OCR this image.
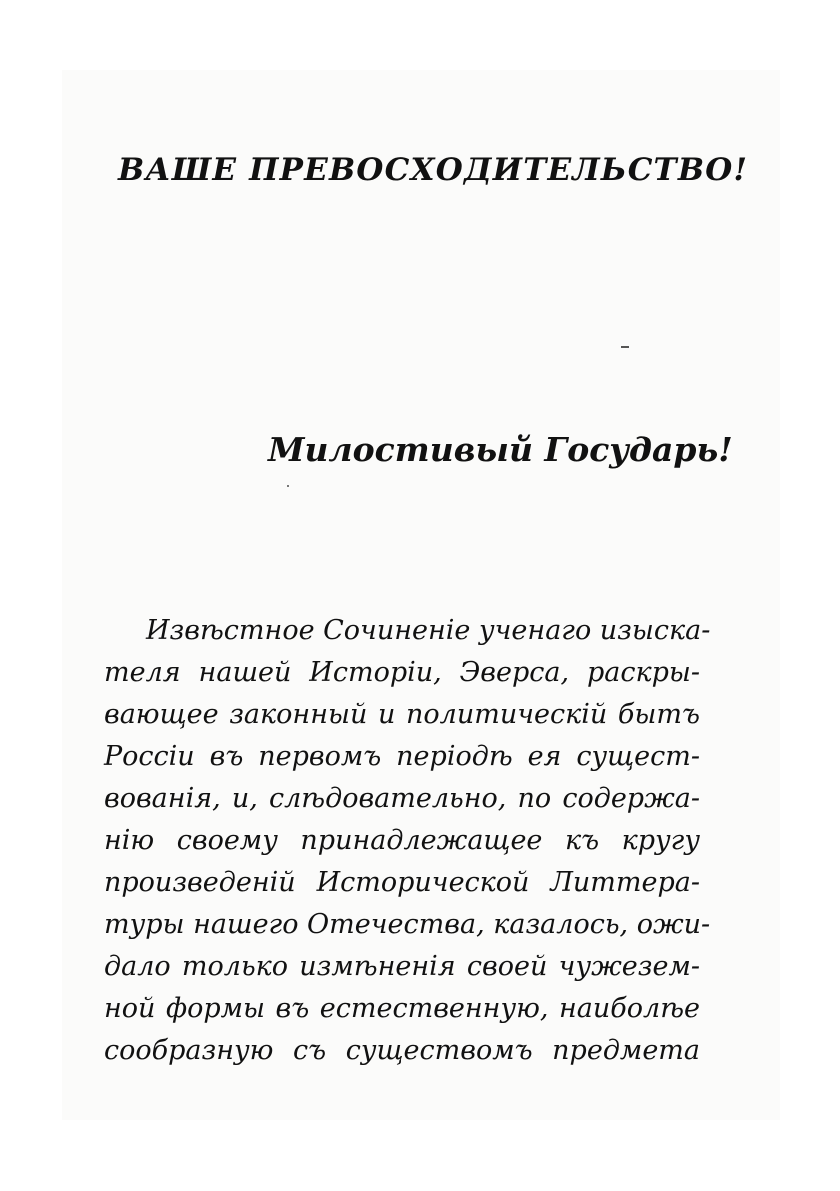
ВАШЕ ПРЕВОСХОДИТЕЛЬСТВО!
Милостивый Государь!
Извѣстное Сочиненіе ученаго изыска-
теля нашей Исторіи, Эверса, раскры-
вающее законный и политическій бытъ
Россіи въ первомъ періодѣ ея сущест-
вованія, и, слѣдовательно, по содержа-
нію своему принадлежащее къ кругу
произведеній Исторической Литтера-
туры нашего Отечества, казалось, ожи-
дало только измѣненія своей чужезем-
ной формы въ естественную, наиболѣе
сообразную съ существомъ предмета
